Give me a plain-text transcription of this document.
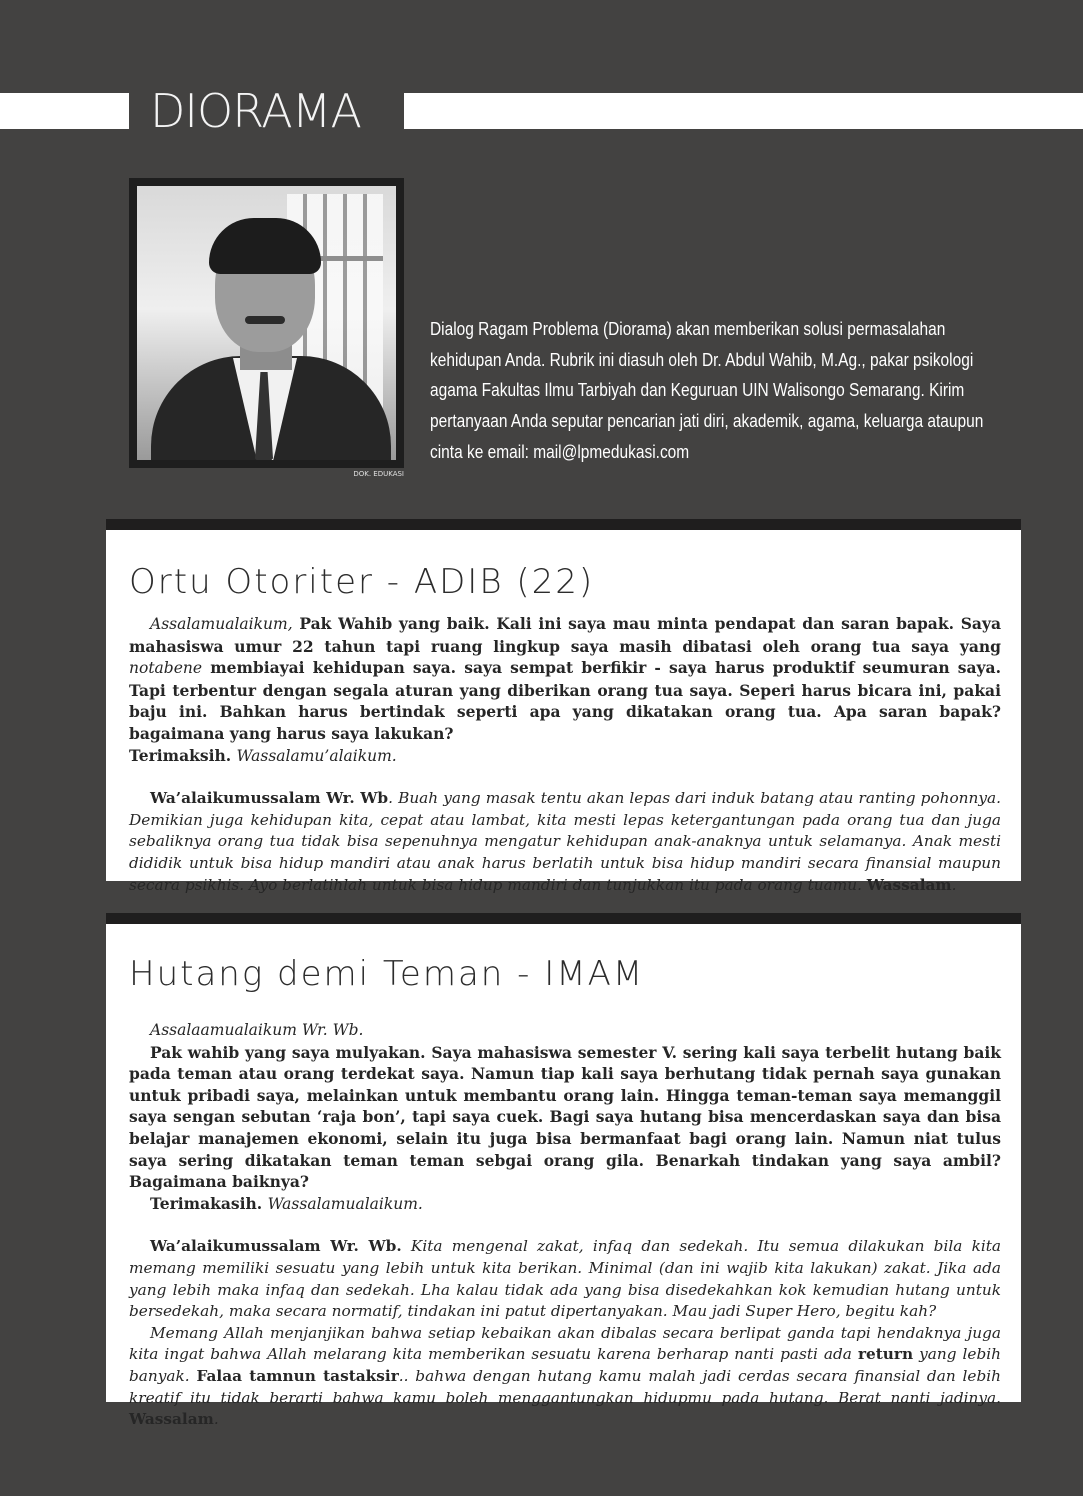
DIORAMA

DOK. EDUKASI

Dialog Ragam Problema (Diorama) akan memberikan solusi permasalahan kehidupan Anda. Rubrik ini diasuh oleh Dr. Abdul Wahib, M.Ag., pakar psikologi agama Fakultas Ilmu Tarbiyah dan Keguruan UIN Walisongo Semarang. Kirim pertanyaan Anda seputar pencarian jati diri, akademik, agama, keluarga ataupun cinta ke email: mail@lpmedukasi.com

Ortu Otoriter - ADIB (22)

Assalamualaikum, Pak Wahib yang baik. Kali ini saya mau minta pendapat dan saran bapak. Saya mahasiswa umur 22 tahun tapi ruang lingkup saya masih dibatasi oleh orang tua saya yang notabene membiayai kehidupan saya. saya sempat berfikir - saya harus produktif seumuran saya. Tapi terbentur dengan segala aturan yang diberikan orang tua saya. Seperi harus bicara ini, pakai baju ini. Bahkan harus bertindak seperti apa yang dikatakan orang tua. Apa saran bapak? bagaimana yang harus saya lakukan?

Terimaksih. Wassalamu’alaikum.

Wa’alaikumussalam Wr. Wb. Buah yang masak tentu akan lepas dari induk batang atau ranting pohonnya. Demikian juga kehidupan kita, cepat atau lambat, kita mesti lepas ketergantungan pada orang tua dan juga sebaliknya orang tua tidak bisa sepenuhnya mengatur kehidupan anak-anaknya untuk selamanya. Anak mesti dididik untuk bisa hidup mandiri atau anak harus berlatih untuk bisa hidup mandiri secara finansial maupun secara psikhis. Ayo berlatihlah untuk bisa hidup mandiri dan tunjukkan itu pada orang tuamu. Wassalam.

Hutang demi Teman - IMAM

Assalaamualaikum Wr. Wb.

Pak wahib yang saya mulyakan. Saya mahasiswa semester V. sering kali saya terbelit hutang baik pada teman atau orang terdekat saya. Namun tiap kali saya berhutang tidak pernah saya gunakan untuk pribadi saya, melainkan untuk membantu orang lain. Hingga teman-teman saya memanggil saya sengan sebutan ‘raja bon’, tapi saya cuek. Bagi saya hutang bisa mencerdaskan saya dan bisa belajar manajemen ekonomi, selain itu juga bisa bermanfaat bagi orang lain. Namun niat tulus saya sering dikatakan teman teman sebgai orang gila. Benarkah tindakan yang saya ambil? Bagaimana baiknya?

Terimakasih. Wassalamualaikum.

Wa’alaikumussalam Wr. Wb. Kita mengenal zakat, infaq dan sedekah. Itu semua dilakukan bila kita memang memiliki sesuatu yang lebih untuk kita berikan. Minimal (dan ini wajib kita lakukan) zakat. Jika ada yang lebih maka infaq dan sedekah. Lha kalau tidak ada yang bisa disedekahkan kok kemudian hutang untuk bersedekah, maka secara normatif, tindakan ini patut dipertanyakan. Mau jadi Super Hero, begitu kah?

Memang Allah menjanjikan bahwa setiap kebaikan akan dibalas secara berlipat ganda tapi hendaknya juga kita ingat bahwa Allah melarang kita memberikan sesuatu karena berharap nanti pasti ada return yang lebih banyak. Falaa tamnun tastaksir.. bahwa dengan hutang kamu malah jadi cerdas secara finansial dan lebih kreatif itu tidak berarti bahwa kamu boleh menggantungkan hidupmu pada hutang. Berat nanti jadinya. Wassalam.
